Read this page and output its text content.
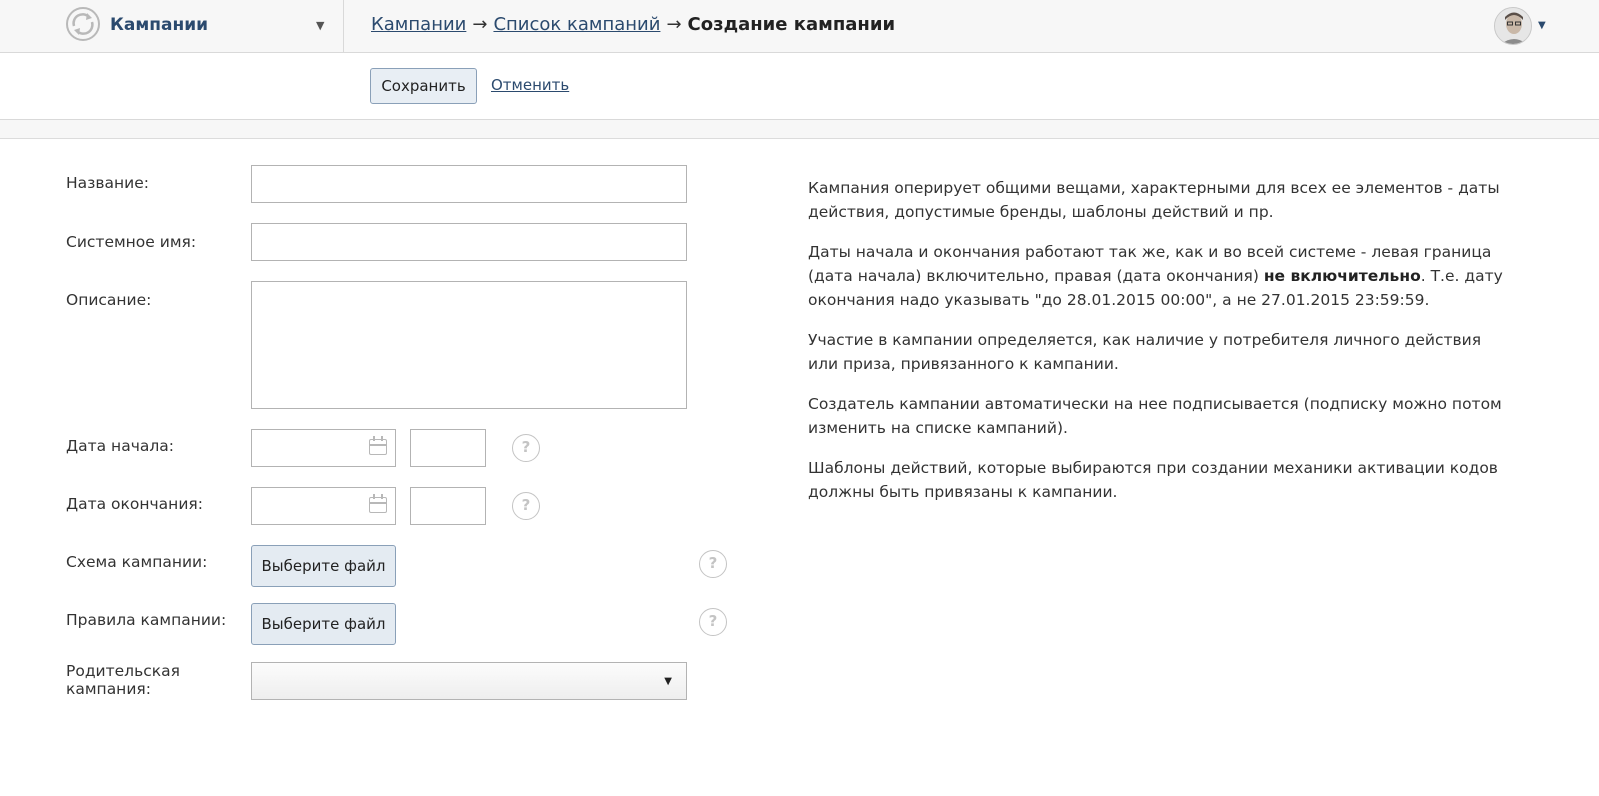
Кампании	▼	Кампании → Список кампаний → Создание кампании	▼
Сохранить	Отменить
Название:
Системное имя:
Описание:
Дата начала:	?
Дата окончания:	?
Схема кампании:	Выберите файл	?
Правила кампании:	Выберите файл	?
Родительская
кампания:	▼

Кампания оперирует общими вещами, характерными для всех ее элементов - даты действия, допустимые бренды, шаблоны действий и пр.

Даты начала и окончания работают так же, как и во всей системе - левая граница (дата начала) включительно, правая (дата окончания) не включительно. Т.е. дату окончания надо указывать "до 28.01.2015 00:00", а не 27.01.2015 23:59:59.

Участие в кампании определяется, как наличие у потребителя личного действия или приза, привязанного к кампании.

Создатель кампании автоматически на нее подписывается (подписку можно потом изменить на списке кампаний).

Шаблоны действий, которые выбираются при создании механики активации кодов должны быть привязаны к кампании.
